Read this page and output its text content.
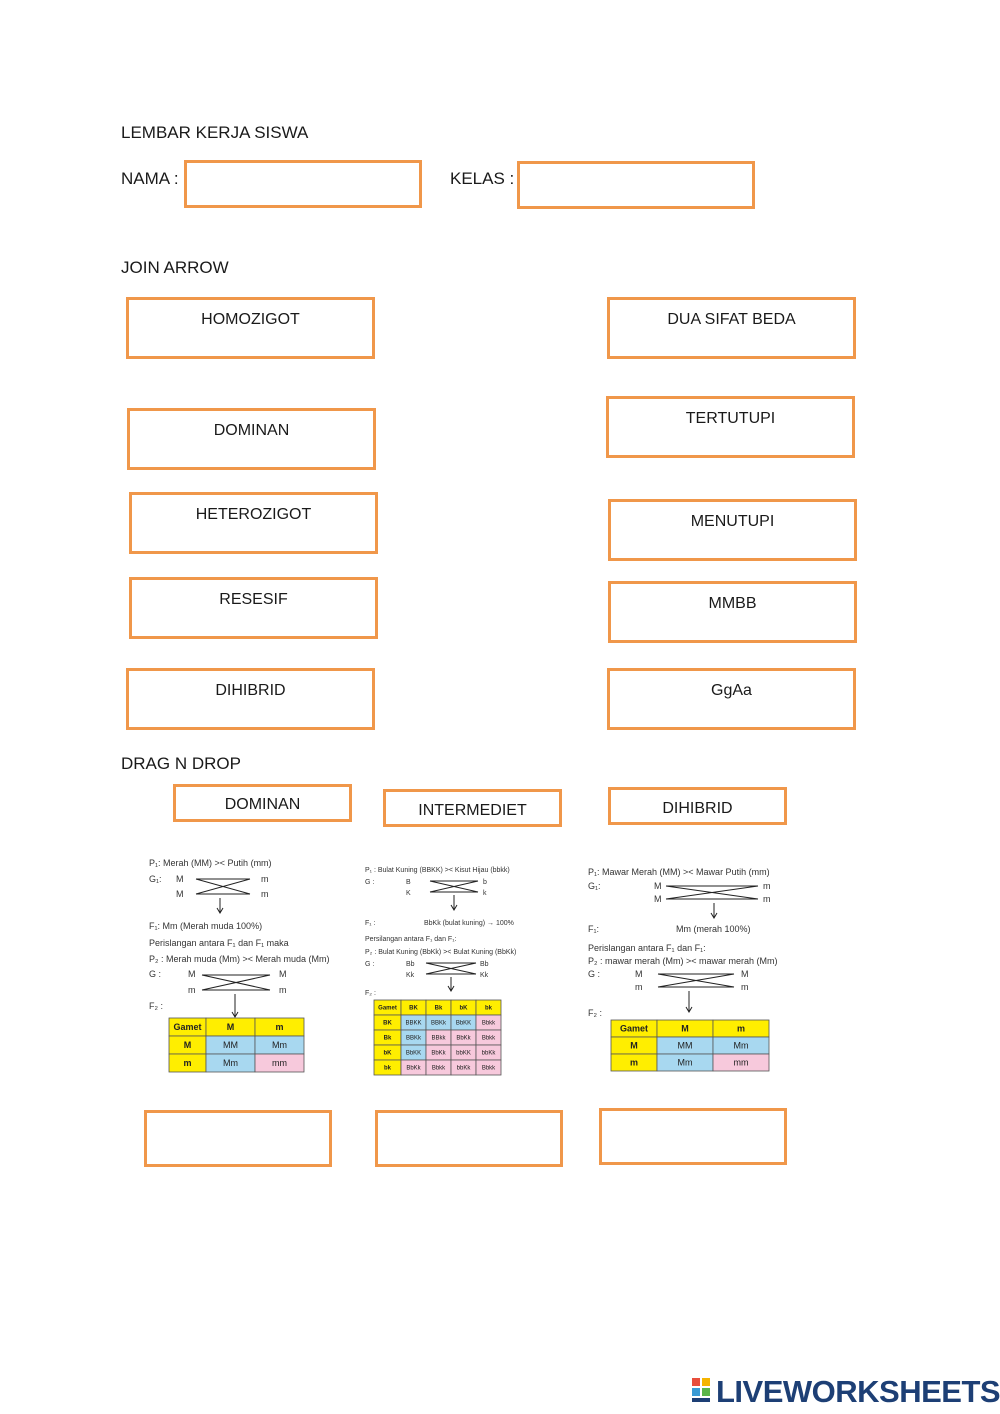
LEMBAR KERJA SISWA
NAMA :	KELAS :
JOIN ARROW
HOMOZIGOT
DOMINAN
HETEROZIGOT
RESESIF
DIHIBRID
DUA SIFAT BEDA
TERTUTUPI
MENUTUPI
MMBB
GgAa
DRAG N DROP
DOMINAN	INTERMEDIET	DIHIBRID
P₁: Merah (MM) >< Putih (mm)
G₁: M
M
m
m
F₁: Mm (Merah muda 100%)
Perislangan antara F₁ dan F₁ maka
P₂ : Merah muda (Mm) >< Merah muda (Mm)
G :	M
m
M
m
F₂ :
Gamet	M	m
M	MM	Mm
m	Mm	mm
P₁ : Bulat Kuning (BBKK) >< Kisut Hijau (bbkk)
G :	B
K
b
k
F₁ :	BbKk (bulat kuning) → 100%
Persilangan antara F₁ dan F₁:
P₂ : Bulat Kuning (BbKk) >< Bulat Kuning (BbKk)
G :	Bb
Kk
Bb
Kk
F₂ :
Gamet BK	Bk	bK	bk
BK BBKK BBKk BbKK Bbkk
Bk BBKk BBkk BbKk Bbkk
bK BbKK BbKk bbKK bbKk
bk	BbKk Bbkk bbKk Bbkk
P₁: Mawar Merah (MM) >< Mawar Putih (mm)
G₁:	M
M
m
m
F₁:	Mm (merah 100%)
Perislangan antara F₁ dan F₁:
P₂ : mawar merah (Mm) >< mawar merah (Mm)
G :	M
m
M
m
F₂ :
Gamet	M	m
M	MM	Mm
m	Mm	mm
LIVEWORKSHEETS
